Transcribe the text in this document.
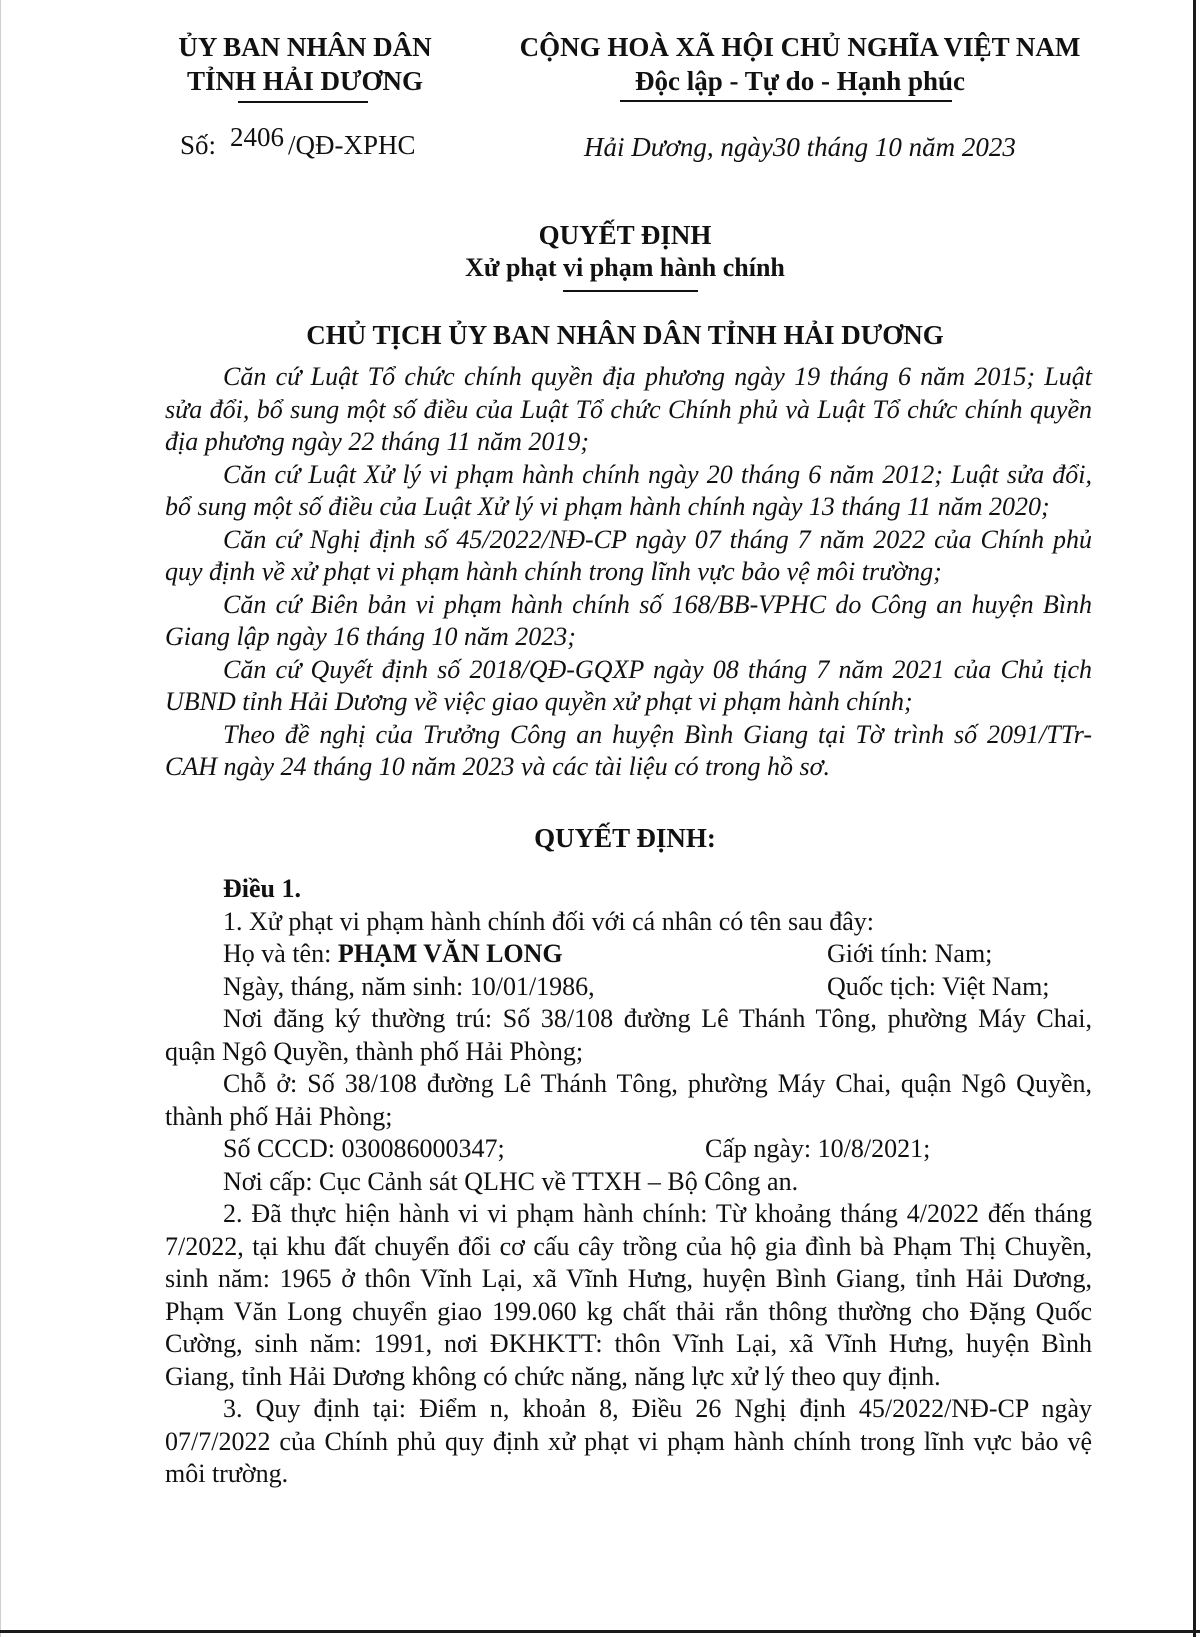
ỦY BAN NHÂN DÂN
TỈNH HẢI DƯƠNG
CỘNG HOÀ XÃ HỘI CHỦ NGHĨA VIỆT NAM
Độc lập - Tự do - Hạnh phúc
Số: 2406 /QĐ-XPHC	Hải Dương, ngày30 tháng 10 năm 2023
QUYẾT ĐỊNH
Xử phạt vi phạm hành chính
CHỦ TỊCH ỦY BAN NHÂN DÂN TỈNH HẢI DƯƠNG

Căn cứ Luật Tổ chức chính quyền địa phương ngày 19 tháng 6 năm 2015; Luật sửa đổi, bổ sung một số điều của Luật Tổ chức Chính phủ và Luật Tổ chức chính quyền địa phương ngày 22 tháng 11 năm 2019;

Căn cứ Luật Xử lý vi phạm hành chính ngày 20 tháng 6 năm 2012; Luật sửa đổi, bổ sung một số điều của Luật Xử lý vi phạm hành chính ngày 13 tháng 11 năm 2020;

Căn cứ Nghị định số 45/2022/NĐ-CP ngày 07 tháng 7 năm 2022 của Chính phủ quy định về xử phạt vi phạm hành chính trong lĩnh vực bảo vệ môi trường;

Căn cứ Biên bản vi phạm hành chính số 168/BB-VPHC do Công an huyện Bình Giang lập ngày 16 tháng 10 năm 2023;

Căn cứ Quyết định số 2018/QĐ-GQXP ngày 08 tháng 7 năm 2021 của Chủ tịch UBND tỉnh Hải Dương về việc giao quyền xử phạt vi phạm hành chính;

Theo đề nghị của Trưởng Công an huyện Bình Giang tại Tờ trình số 2091/TTr-CAH ngày 24 tháng 10 năm 2023 và các tài liệu có trong hồ sơ.

QUYẾT ĐỊNH:

Điều 1.

1. Xử phạt vi phạm hành chính đối với cá nhân có tên sau đây:

Họ và tên: PHẠM VĂN LONG	Giới tính: Nam;
Ngày, tháng, năm sinh: 10/01/1986,	Quốc tịch: Việt Nam;

Nơi đăng ký thường trú: Số 38/108 đường Lê Thánh Tông, phường Máy Chai, quận Ngô Quyền, thành phố Hải Phòng;

Chỗ ở: Số 38/108 đường Lê Thánh Tông, phường Máy Chai, quận Ngô Quyền, thành phố Hải Phòng;

Số CCCD: 030086000347;	Cấp ngày: 10/8/2021;

Nơi cấp: Cục Cảnh sát QLHC về TTXH – Bộ Công an.

2. Đã thực hiện hành vi vi phạm hành chính: Từ khoảng tháng 4/2022 đến tháng 7/2022, tại khu đất chuyển đổi cơ cấu cây trồng của hộ gia đình bà Phạm Thị Chuyền, sinh năm: 1965 ở thôn Vĩnh Lại, xã Vĩnh Hưng, huyện Bình Giang, tỉnh Hải Dương, Phạm Văn Long chuyển giao 199.060 kg chất thải rắn thông thường cho Đặng Quốc Cường, sinh năm: 1991, nơi ĐKHKTT: thôn Vĩnh Lại, xã Vĩnh Hưng, huyện Bình Giang, tỉnh Hải Dương không có chức năng, năng lực xử lý theo quy định.

3. Quy định tại: Điểm n, khoản 8, Điều 26 Nghị định 45/2022/NĐ-CP ngày 07/7/2022 của Chính phủ quy định xử phạt vi phạm hành chính trong lĩnh vực bảo vệ môi trường.
